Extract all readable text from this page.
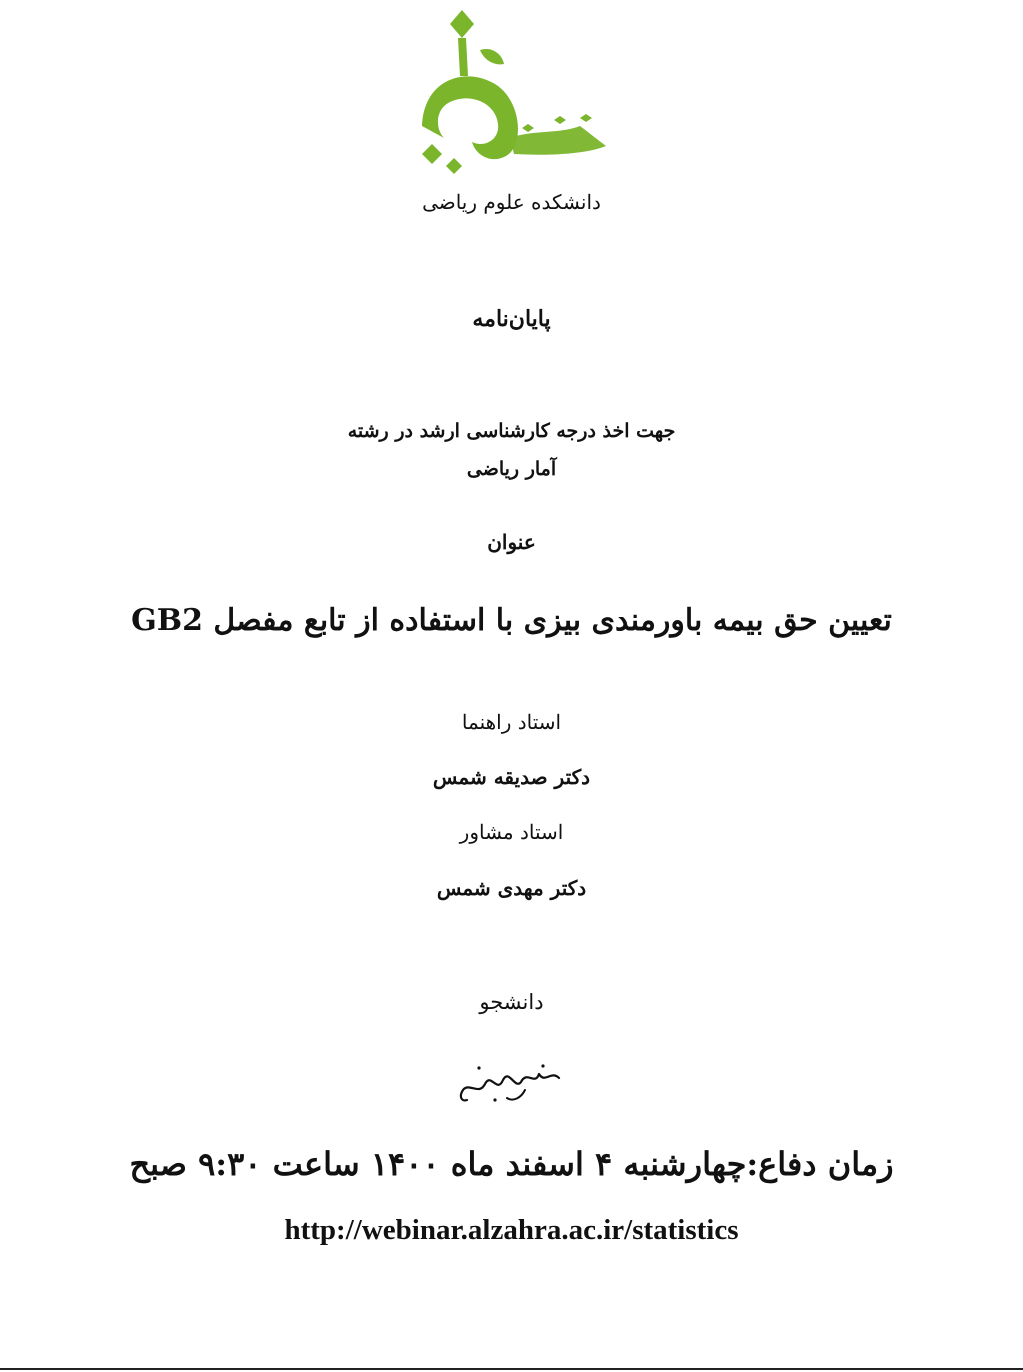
دانشکده علوم ریاضی
پایان‌نامه
جهت اخذ درجه کارشناسی ارشد در رشته
آمار ریاضی
عنوان
تعیین حق بیمه باورمندی بیزی با استفاده از تابع مفصل GB2
استاد راهنما
دکتر صدیقه شمس
استاد مشاور
دکتر مهدی شمس
دانشجو
زمان دفاع:چهارشنبه ۴ اسفند ماه ۱۴۰۰ ساعت ۹:۳۰ صبح
http://webinar.alzahra.ac.ir/statistics
